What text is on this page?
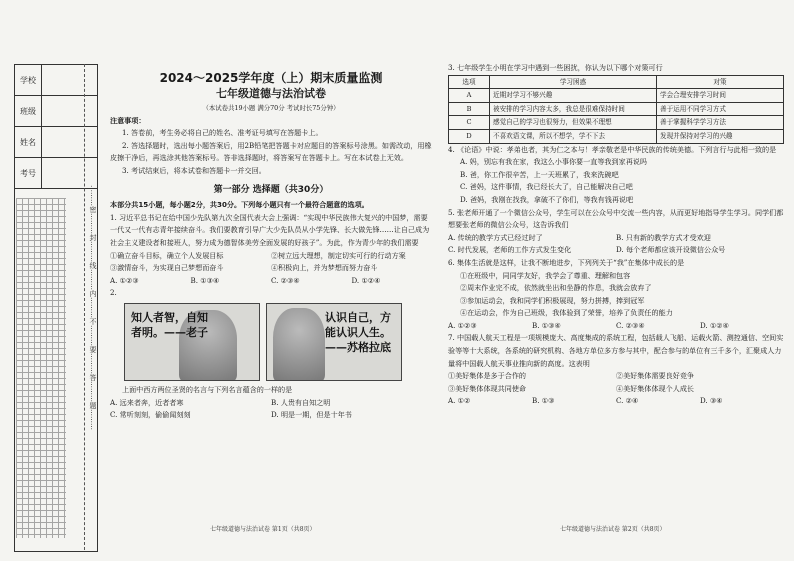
学校
班级
姓名
考号
………密………封………线………内………不………要………答………题………
2024～2025学年度（上）期末质量监测
七年级道德与法治试卷
（本试卷共19小题 满分70分 考试时长75分钟）

注意事项：

1. 答卷前，考生务必将自己的姓名、准考证号填写在答题卡上。

2. 答选择题时，选出每小题答案后，用2B铅笔把答题卡对应题目的答案标号涂黑。如需改动，用橡皮擦干净后，再选涂其他答案标号。答非选择题时，将答案写在答题卡上。写在本试卷上无效。

3. 考试结束后，将本试卷和答题卡一并交回。

第一部分 选择题（共30分）

本部分共15小题，每小题2分，共30分。下列每小题只有一个最符合题意的选项。

1. 习近平总书记在给中国少先队第九次全国代表大会上强调：“实现中华民族伟大复兴的中国梦，需要一代又一代有志青年接续奋斗。我们要教育引导广大少先队员从小学先锋、长大做先锋……让自己成为社会主义建设者和接班人，努力成为德智体美劳全面发展的好孩子”。为此，作为青少年的我们需要

①确立奋斗目标，确立个人发展目标	②树立远大理想，制定切实可行的行动方案
③激情奋斗，为实现自己梦想而奋斗	④积极向上，并为梦想而努力奋斗
A. ①②③	B. ①③④	C. ②③④	D. ①②④

2.

知人者智，自知者明。——老子
认识自己，方能认识人生。——苏格拉底

上面中西方两位圣贤的名言与下列名言蕴含的一样的是

A. 远来者奔，近者者寒	B. 人贵有自知之明
C. 常听刻刻，偷偷闻刻刻	D. 明是一期，但是十年书

3. 七年级学生小明在学习中遇到一些困扰，你认为以下哪个对策可行

选项	学习困惑	对策
A	近期对学习不够兴趣	学会合理安排学习时间
B	被安排的学习内容太多，我总是很难保持时间	善于运用不同学习方式
C	感觉自己的学习也很努力，但效果不理想	善于掌握科学学习方法
D	不喜欢语文课，所以不想学，学不下去	发现并保持对学习的兴趣

4. 《论语》中说：孝弟也者，其为仁之本与！孝亲敬老是中华民族的传统美德。下列言行与此相一致的是

A. 妈，别忘有我在家，我这么小事你要一直等我到家再说吗

B. 爸，你工作很辛苦，上一天班累了，我来洗碗吧

C. 爸妈，这件事情，我已经长大了，自己能解决自己吧

D. 爸妈，我刚在找我，拿破不了你们，等我有钱再说吧

5. 张老师开通了一个微信公众号，学生可以在公众号中交流一些内容，从而更好地指导学生学习。同学们都想要张老师的微信公众号，这告诉我们

A. 传统的教学方式已经过时了	B. 只有新的教学方式才受欢迎
C. 时代发展，老师的工作方式发生变化	D. 每个老师都应该开设微信公众号

6. 集体生活就是这样，让我不断地进步，下列列关于“我”在集体中成长的是

①在班级中，同同学友好，我学会了尊重、理解和包容

②周末作业完不成，依然就坐出和坐静的作息，我就会放弃了

③参加运动会，我和同学们积极展现，努力拼搏，捧到冠军

④在运动会，作为自己班级，我体验到了荣誉，培养了负责任的能力

A. ①②③	B. ①③④	C. ②③④	D. ①②④

7. 中国载人航天工程是一项规模庞大、高度集成的系统工程，包括载人飞船、运载火箭、测控通信、空间实验等等十大系统，各系统的研究机构、各地方单位多方参与其中，配合参与的单位有三千多个，汇聚成人力量将中国载人航天事业推向新的高度。这表明

①美好集体是多于合作的	②美好集体需要良好竞争
③美好集体体现共同使命	④美好集体体现个人成长
A. ①②	B. ①③	C. ②④	D. ③④
七年级道德与法治试卷 第1页（共8页）	七年级道德与法治试卷 第2页（共8页）
